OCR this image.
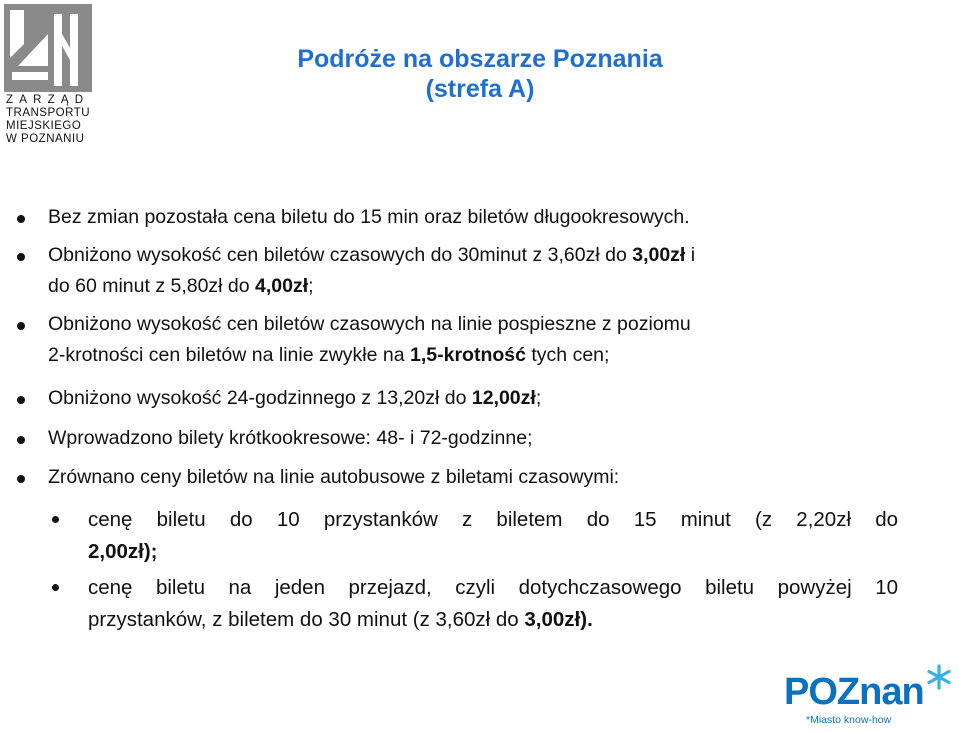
ZARZĄD
TRANSPORTU
MIEJSKIEGO
W POZNANIU
Podróże na obszarze Poznania
(strefa A)
Bez zmian pozostała cena biletu do 15 min oraz biletów długookresowych.
Obniżono wysokość cen biletów czasowych do 30minut z 3,60zł do 3,00zł i
do 60 minut z 5,80zł do 4,00zł;
Obniżono wysokość cen biletów czasowych na linie pospieszne z poziomu
2-krotności cen biletów na linie zwykłe na 1,5-krotność tych cen;
Obniżono wysokość 24-godzinnego z 13,20zł do 12,00zł;
Wprowadzono bilety krótkookresowe: 48- i 72-godzinne;
Zrównano ceny biletów na linie autobusowe z biletami czasowymi:
cenę biletu do 10 przystanków z biletem do 15 minut (z 2,20zł do
2,00zł);
cenę biletu na jeden przejazd, czyli dotychczasowego biletu powyżej 10
przystanków, z biletem do 30 minut (z 3,60zł do 3,00zł).
POZnan
*Miasto know-how
